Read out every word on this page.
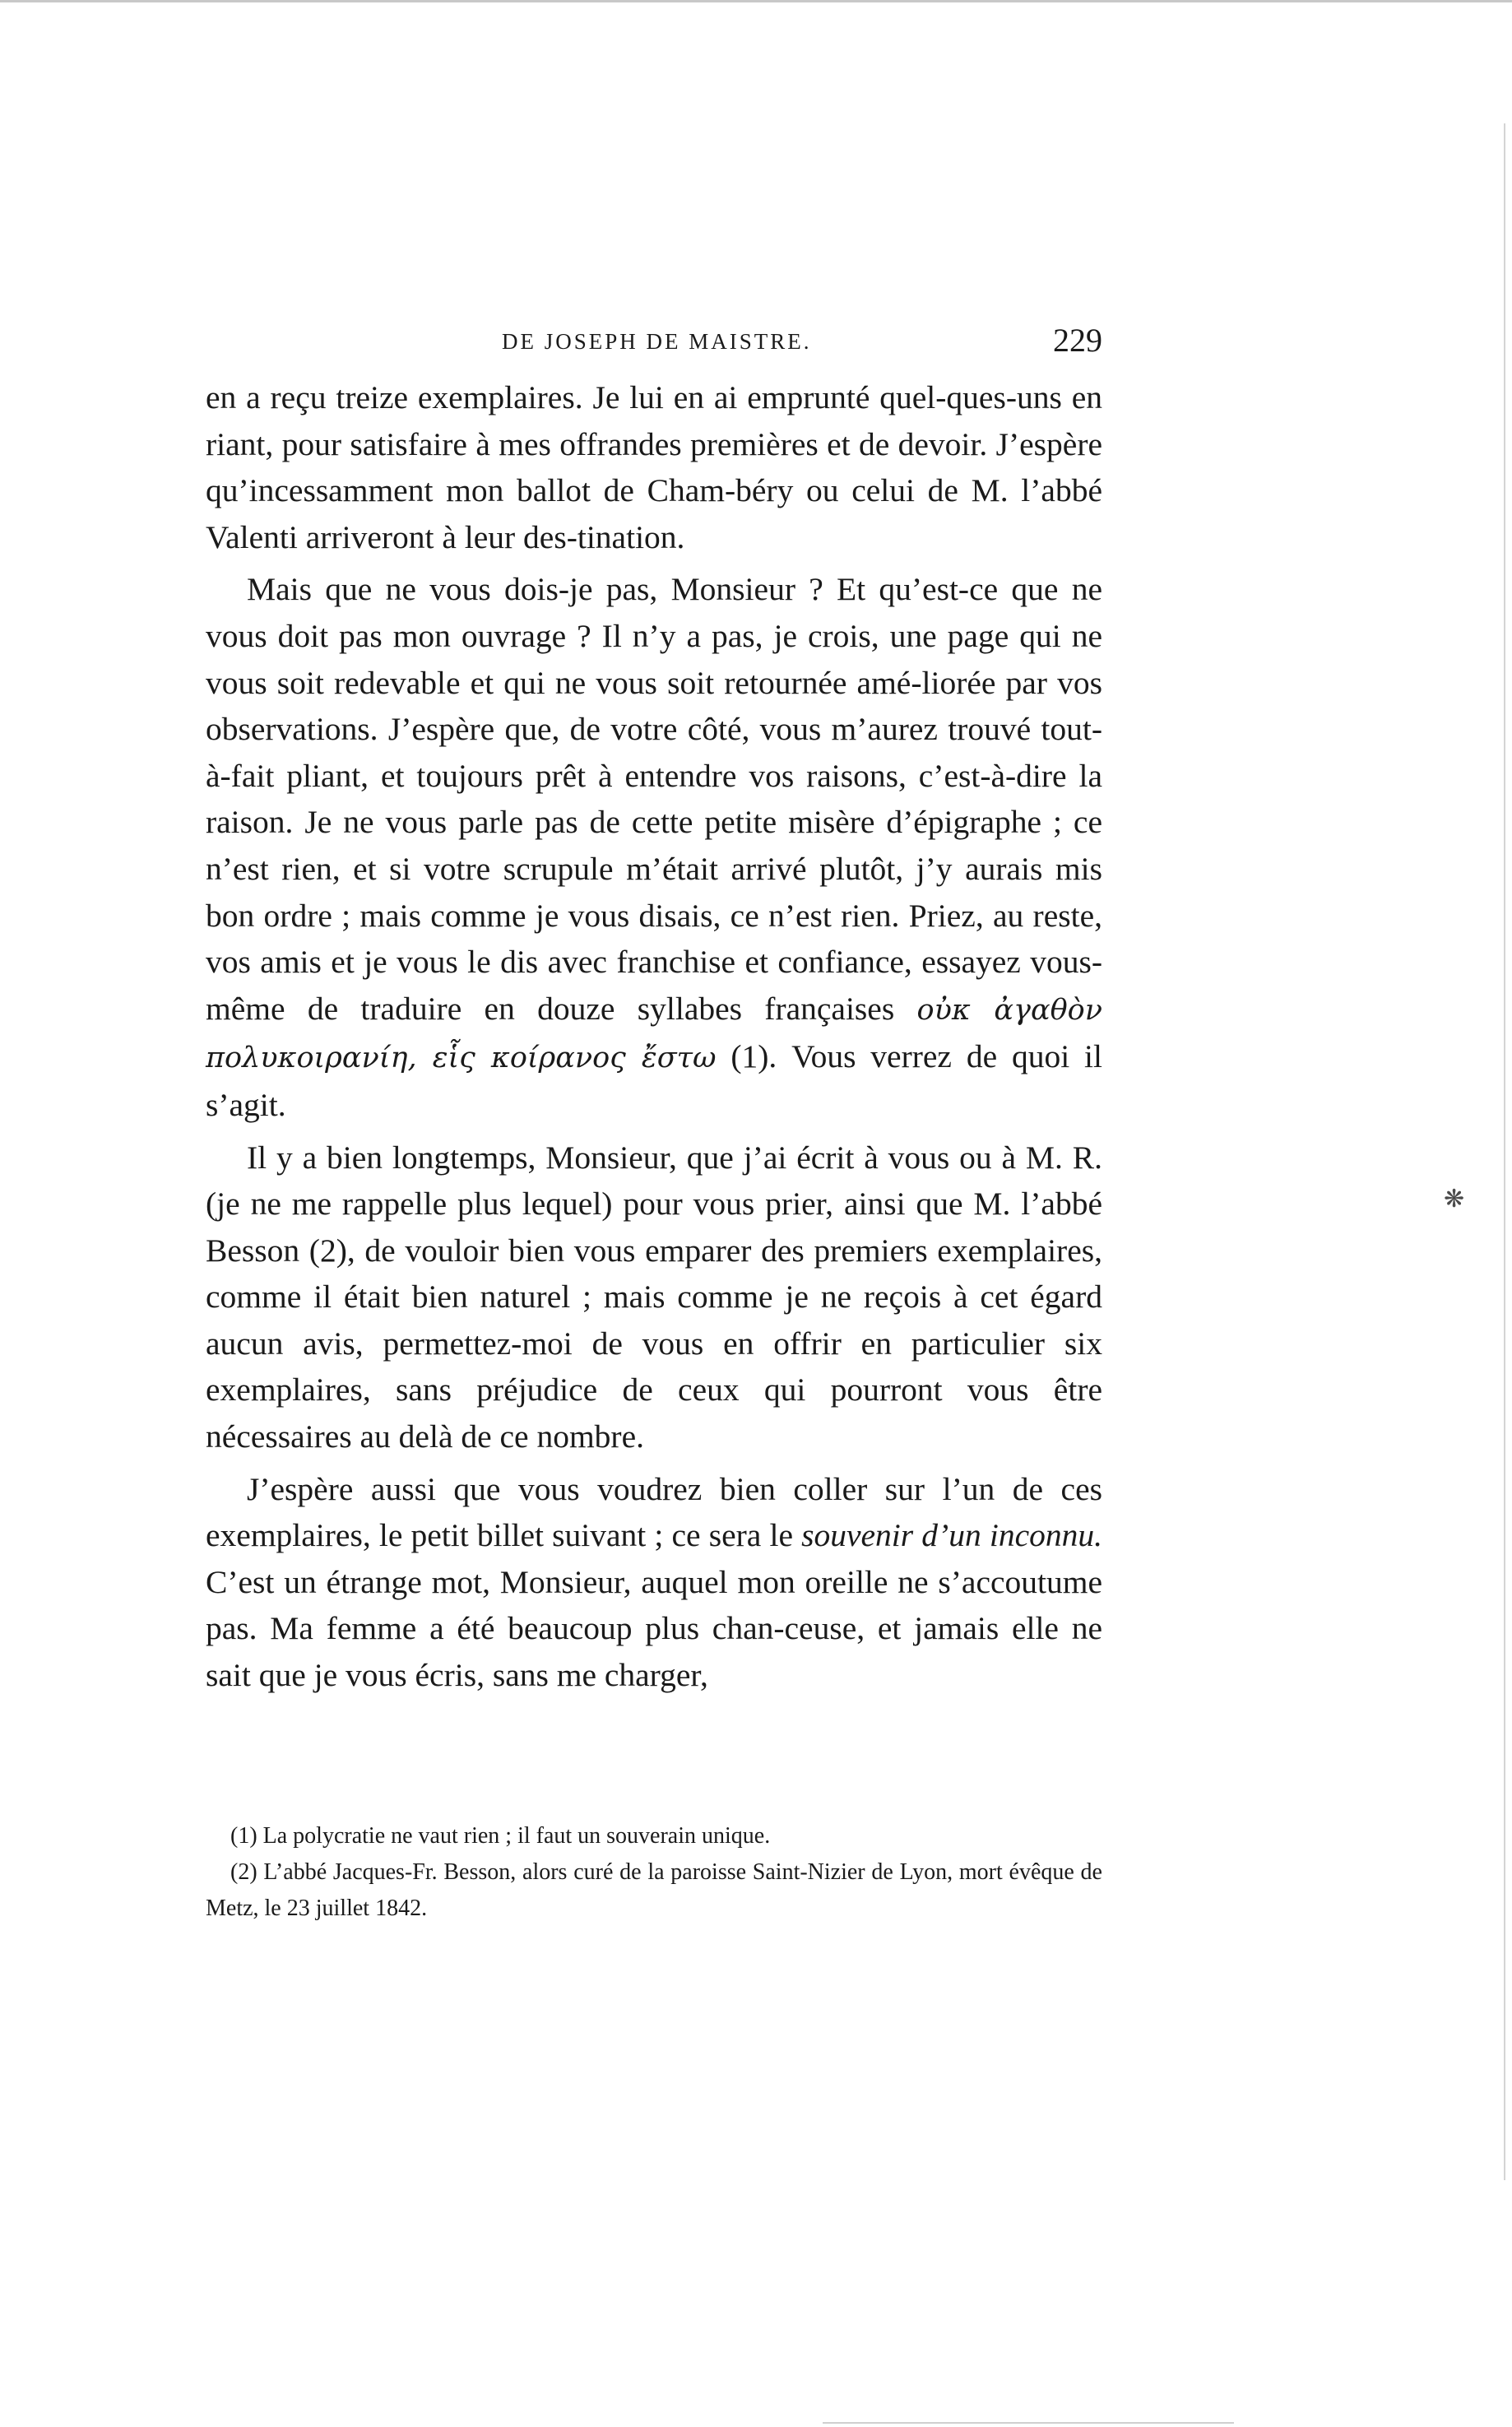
DE JOSEPH DE MAISTRE.	229

en a reçu treize exemplaires. Je lui en ai emprunté quel-ques-uns en riant, pour satisfaire à mes offrandes premières et de devoir. J’espère qu’incessamment mon ballot de Cham-béry ou celui de M. l’abbé Valenti arriveront à leur des-tination.

Mais que ne vous dois-je pas, Monsieur ? Et qu’est-ce que ne vous doit pas mon ouvrage ? Il n’y a pas, je crois, une page qui ne vous soit redevable et qui ne vous soit retournée amé-liorée par vos observations. J’espère que, de votre côté, vous m’aurez trouvé tout-à-fait pliant, et toujours prêt à entendre vos raisons, c’est-à-dire la raison. Je ne vous parle pas de cette petite misère d’épigraphe ; ce n’est rien, et si votre scrupule m’était arrivé plutôt, j’y aurais mis bon ordre ; mais comme je vous disais, ce n’est rien. Priez, au reste, vos amis et je vous le dis avec franchise et confiance, essayez vous-même de traduire en douze syllabes françaises οὐκ ἀγαθὸν πολυκοιρανίη, εἷς κοίρανος ἔστω (1). Vous verrez de quoi il s’agit.

Il y a bien longtemps, Monsieur, que j’ai écrit à vous ou à M. R. (je ne me rappelle plus lequel) pour vous prier, ainsi que M. l’abbé Besson (2), de vouloir bien vous emparer des premiers exemplaires, comme il était bien naturel ; mais comme je ne reçois à cet égard aucun avis, permettez-moi de vous en offrir en particulier six exemplaires, sans préjudice de ceux qui pourront vous être nécessaires au delà de ce nombre.

J’espère aussi que vous voudrez bien coller sur l’un de ces exemplaires, le petit billet suivant ; ce sera le souvenir d’un inconnu. C’est un étrange mot, Monsieur, auquel mon oreille ne s’accoutume pas. Ma femme a été beaucoup plus chan-ceuse, et jamais elle ne sait que je vous écris, sans me charger,

(1) La polycratie ne vaut rien ; il faut un souverain unique.

(2) L’abbé Jacques-Fr. Besson, alors curé de la paroisse Saint-Nizier de Lyon, mort évêque de Metz, le 23 juillet 1842.

❋
